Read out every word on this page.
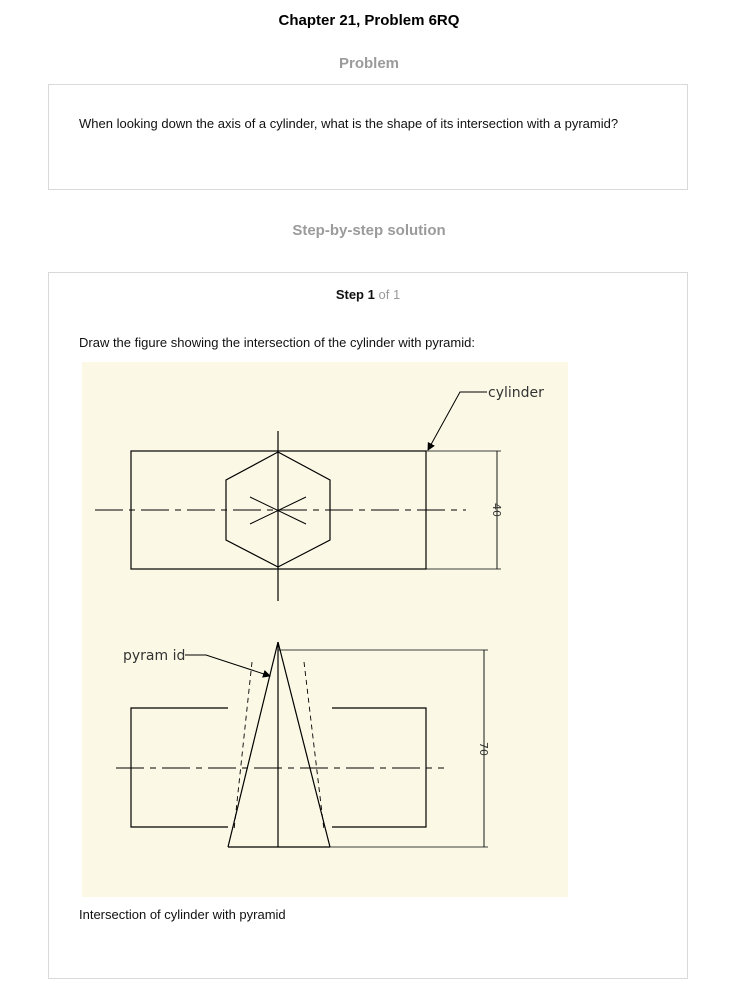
Chapter 21, Problem 6RQ
Problem
When looking down the axis of a cylinder, what is the shape of its intersection with a pyramid?
Step-by-step solution
Step 1 of 1
Draw the figure showing the intersection of the cylinder with pyramid:
cylinder
40
pyram id
70
Intersection of cylinder with pyramid
